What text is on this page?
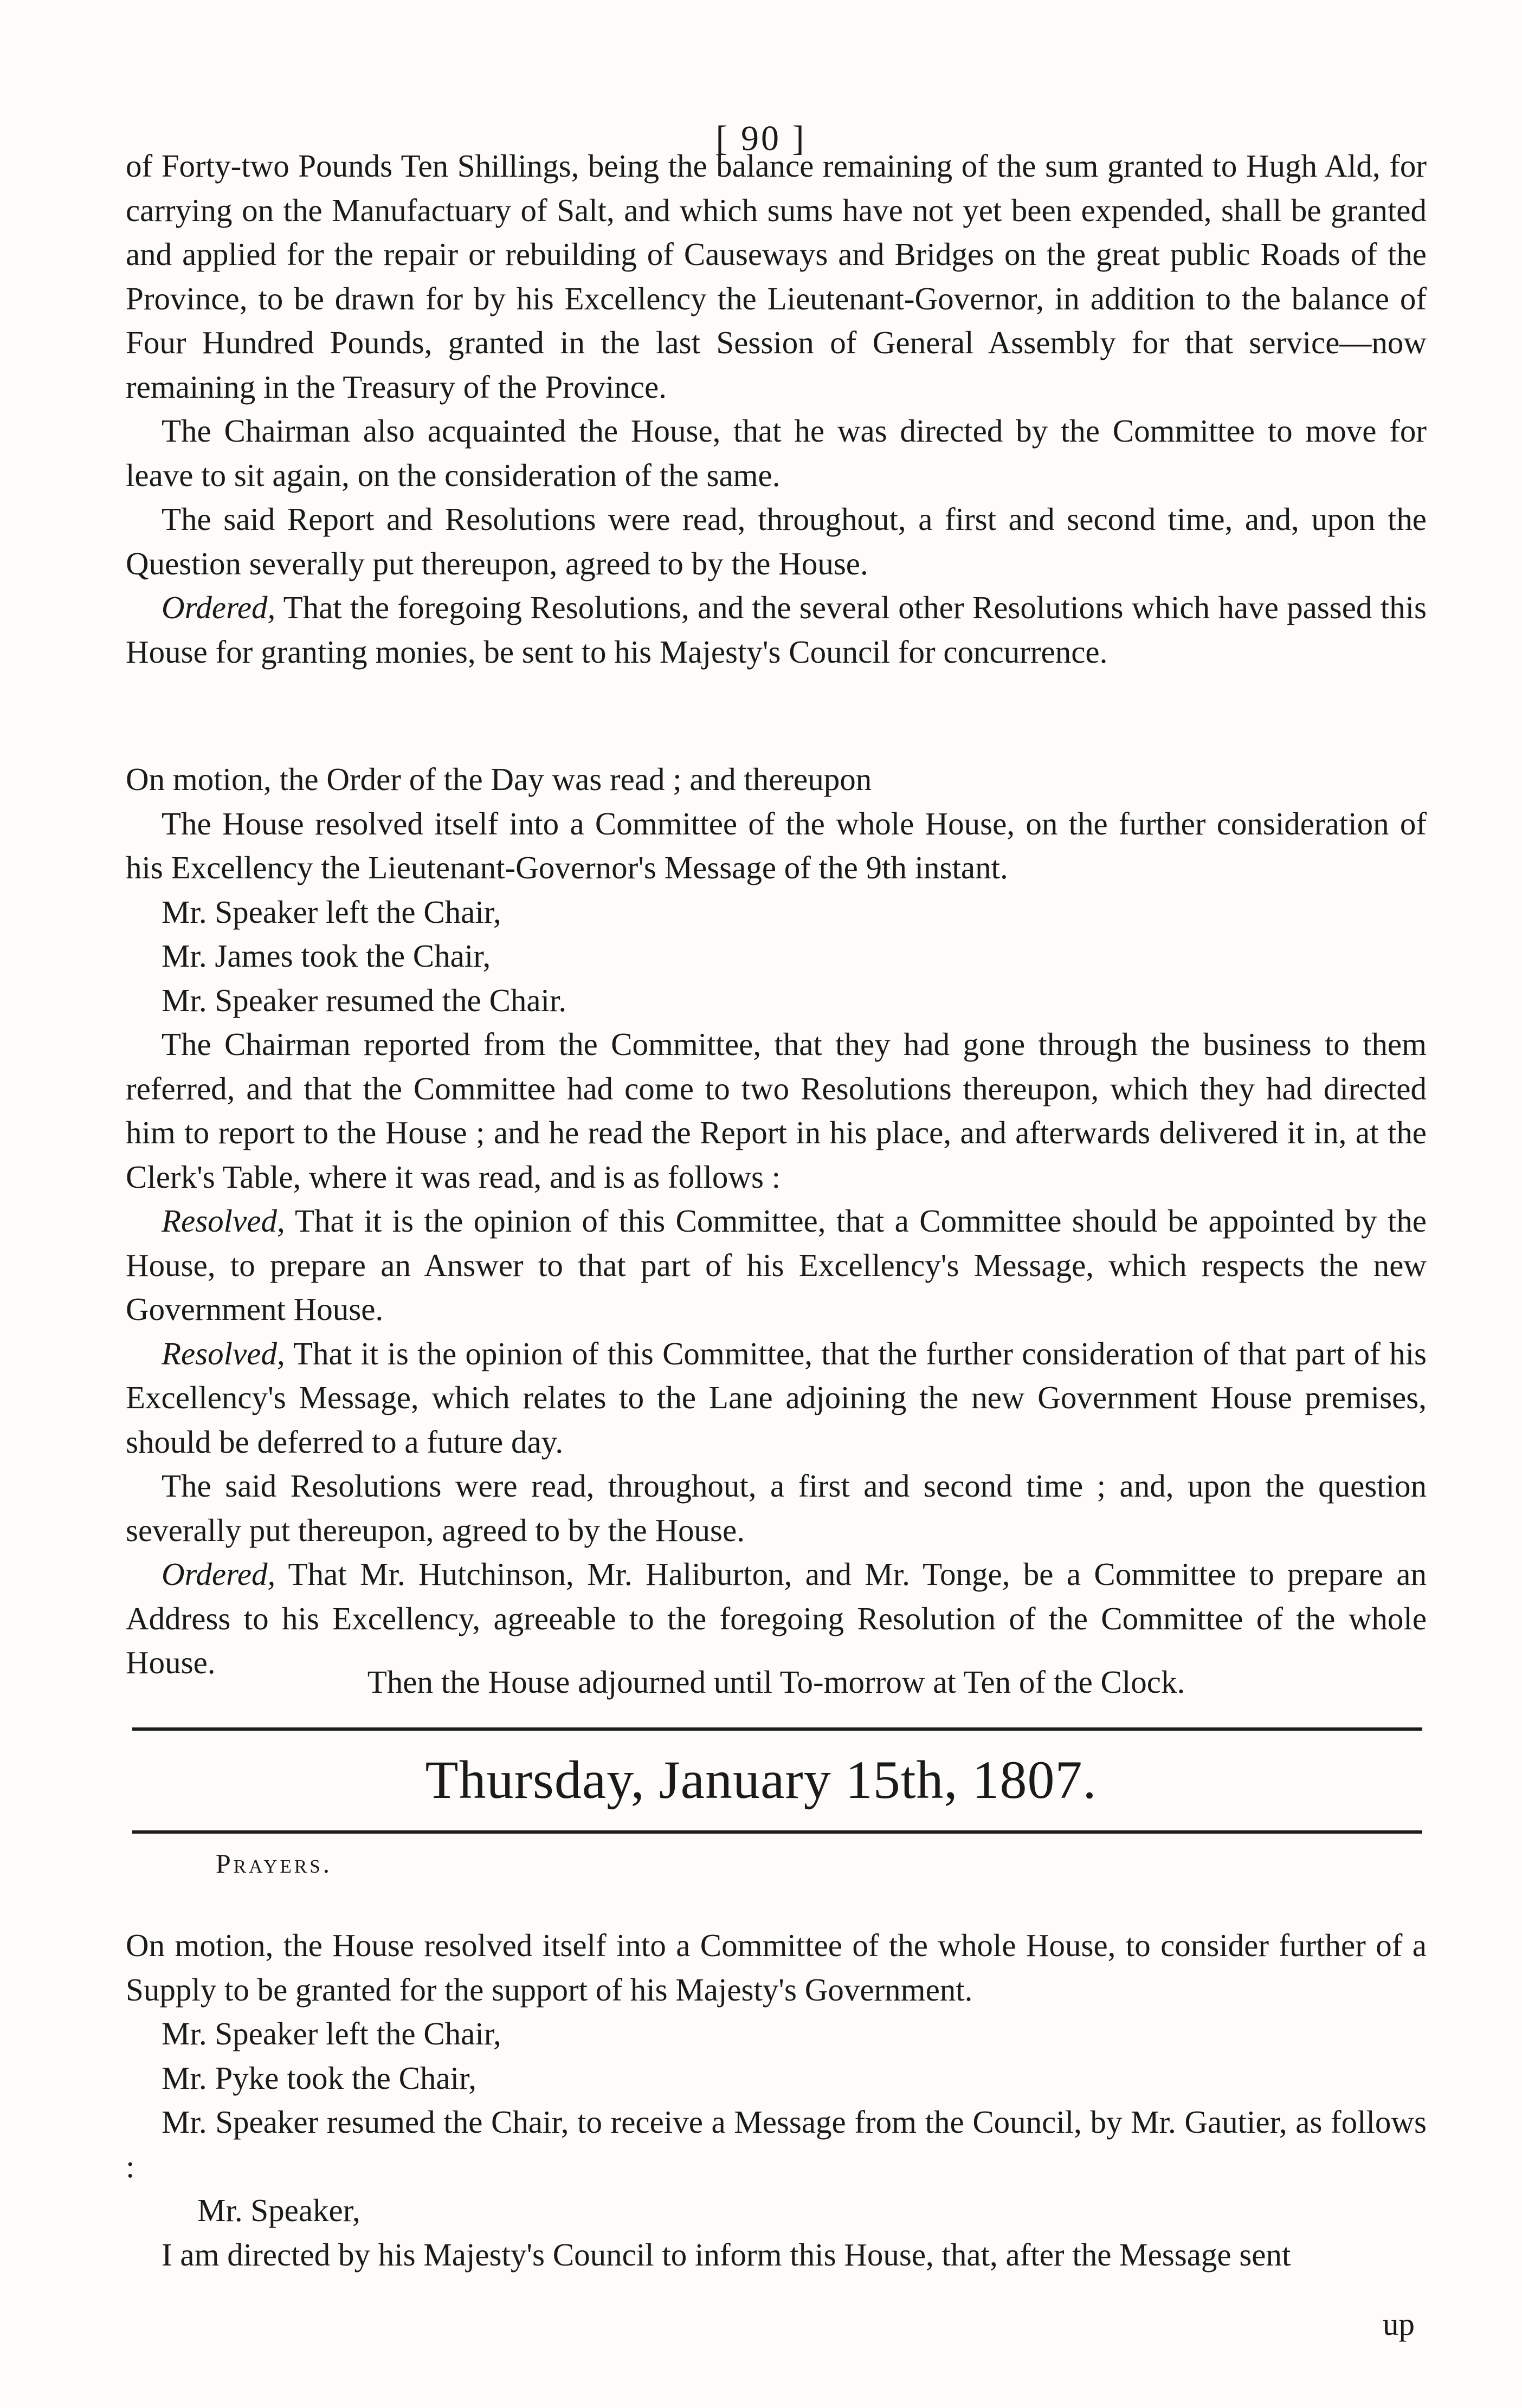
[ 90 ]

of Forty-two Pounds Ten Shillings, being the balance remaining of the sum granted to Hugh Ald, for carrying on the Manufactuary of Salt, and which sums have not yet been expended, shall be granted and applied for the repair or rebuilding of Causeways and Bridges on the great public Roads of the Province, to be drawn for by his Excellency the Lieutenant-Governor, in addition to the balance of Four Hundred Pounds, granted in the last Session of General Assembly for that service—now remaining in the Treasury of the Province.

The Chairman also acquainted the House, that he was directed by the Committee to move for leave to sit again, on the consideration of the same.

The said Report and Resolutions were read, throughout, a first and second time, and, upon the Question severally put thereupon, agreed to by the House.

Ordered, That the foregoing Resolutions, and the several other Resolutions which have passed this House for granting monies, be sent to his Majesty's Council for concurrence.

On motion, the Order of the Day was read ; and thereupon

The House resolved itself into a Committee of the whole House, on the further consideration of his Excellency the Lieutenant-Governor's Message of the 9th instant.

Mr. Speaker left the Chair,

Mr. James took the Chair,

Mr. Speaker resumed the Chair.

The Chairman reported from the Committee, that they had gone through the business to them referred, and that the Committee had come to two Resolutions thereupon, which they had directed him to report to the House ; and he read the Report in his place, and afterwards delivered it in, at the Clerk's Table, where it was read, and is as follows :

Resolved, That it is the opinion of this Committee, that a Committee should be appointed by the House, to prepare an Answer to that part of his Excellency's Message, which respects the new Government House.

Resolved, That it is the opinion of this Committee, that the further consideration of that part of his Excellency's Message, which relates to the Lane adjoining the new Government House premises, should be deferred to a future day.

The said Resolutions were read, throughout, a first and second time ; and, upon the question severally put thereupon, agreed to by the House.

Ordered, That Mr. Hutchinson, Mr. Haliburton, and Mr. Tonge, be a Committee to prepare an Address to his Excellency, agreeable to the foregoing Resolution of the Committee of the whole House.

Then the House adjourned until To-morrow at Ten of the Clock.

Thursday, January 15th, 1807.
Prayers.

On motion, the House resolved itself into a Committee of the whole House, to consider further of a Supply to be granted for the support of his Majesty's Government.

Mr. Speaker left the Chair,

Mr. Pyke took the Chair,

Mr. Speaker resumed the Chair, to receive a Message from the Council, by Mr. Gautier, as follows :

Mr. Speaker,

I am directed by his Majesty's Council to inform this House, that, after the Message sent

up
